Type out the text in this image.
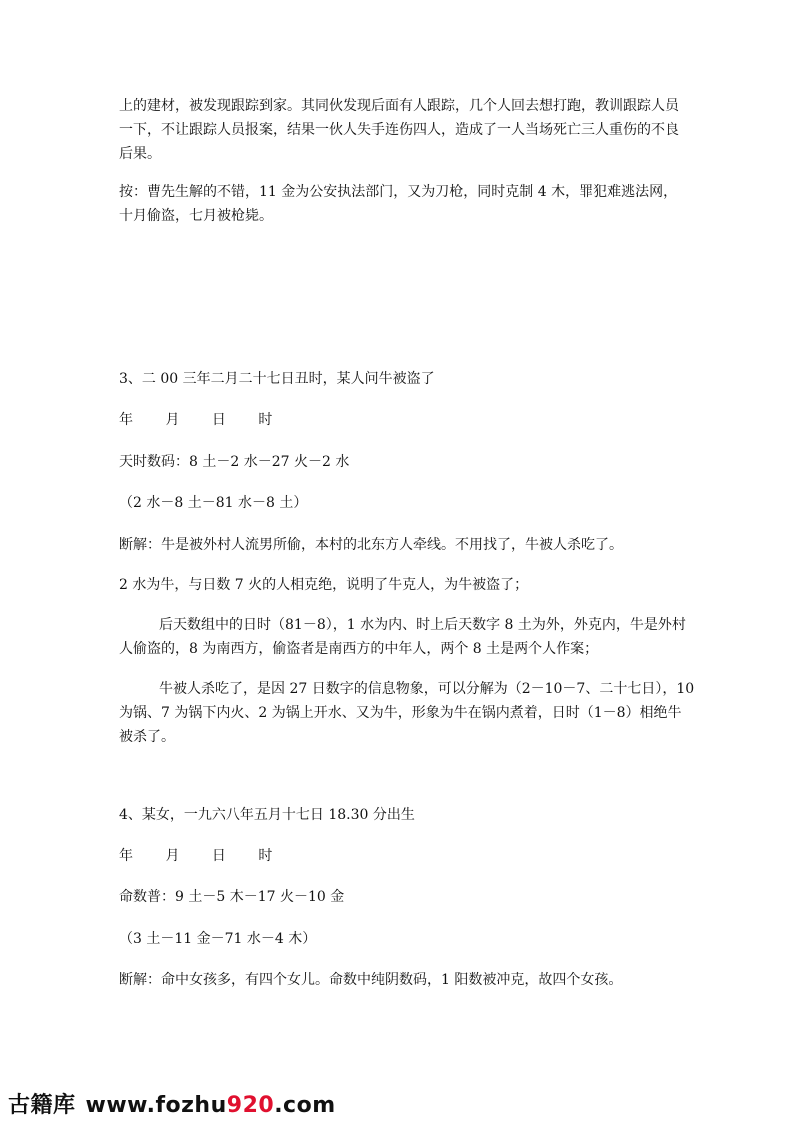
上的建材，被发现跟踪到家。其同伙发现后面有人跟踪，几个人回去想打跑，教训跟踪人员
一下，不让跟踪人员报案，结果一伙人失手连伤四人，造成了一人当场死亡三人重伤的不良
后果。
按：曹先生解的不错，11 金为公安执法部门，又为刀枪，同时克制 4 木，罪犯难逃法网，
十月偷盗，七月被枪毙。
3、二 00 三年二月二十七日丑时，某人问牛被盗了
年 月 日 时
天时数码：8 土－2 水－27 火－2 水
（2 水－8 土－81 水－8 土）
断解：牛是被外村人流男所偷，本村的北东方人牵线。不用找了，牛被人杀吃了。
2 水为牛，与日数 7 火的人相克绝，说明了牛克人，为牛被盗了；
后天数组中的日时（81－8），1 水为内、时上后天数字 8 土为外，外克内，牛是外村
人偷盗的，8 为南西方，偷盗者是南西方的中年人，两个 8 土是两个人作案；
牛被人杀吃了，是因 27 日数字的信息物象，可以分解为（2－10－7、二十七日），10
为锅、7 为锅下内火、2 为锅上开水、又为牛，形象为牛在锅内煮着，日时（1－8）相绝牛
被杀了。
4、某女，一九六八年五月十七日 18.30 分出生
年 月 日 时
命数普：9 土－5 木－17 火－10 金
（3 土－11 金－71 水－4 木）
断解：命中女孩多，有四个女儿。命数中纯阴数码，1 阳数被冲克，故四个女孩。
古籍库 www.fozhu920.com
